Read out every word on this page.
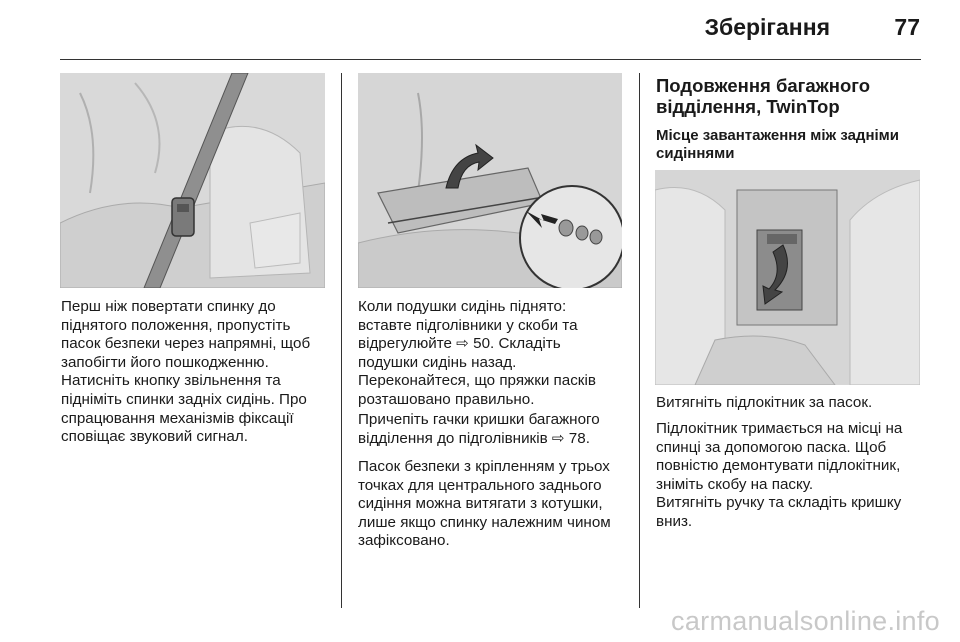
Зберігання	77

Перш ніж повертати спинку до піднятого положення, пропустіть пасок безпеки через напрямні, щоб запобігти його пошкодженню. Натисніть кнопку звільнення та підніміть спинки задніх сидінь. Про спрацювання механізмів фіксації сповіщає звуковий сигнал.

Коли подушки сидінь піднято: вставте підголівники у скоби та відрегулюйте ⇨ 50. Складіть подушки сидінь назад. Переконайтеся, що пряжки пасків розташовано правильно.

Причепіть гачки кришки багажного відділення до підголівників ⇨ 78.

Пасок безпеки з кріпленням у трьох точках для центрального заднього сидіння можна витягати з котушки, лише якщо спинку належним чином зафіксовано.

Подовження багажного відділення, TwinTop
Місце завантаження між задніми сидіннями

Витягніть підлокітник за пасок.

Підлокітник тримається на місці на спинці за допомогою паска. Щоб повністю демонтувати підлокітник, зніміть скобу на паску.

Витягніть ручку та складіть кришку вниз.

carmanualsonline.info
